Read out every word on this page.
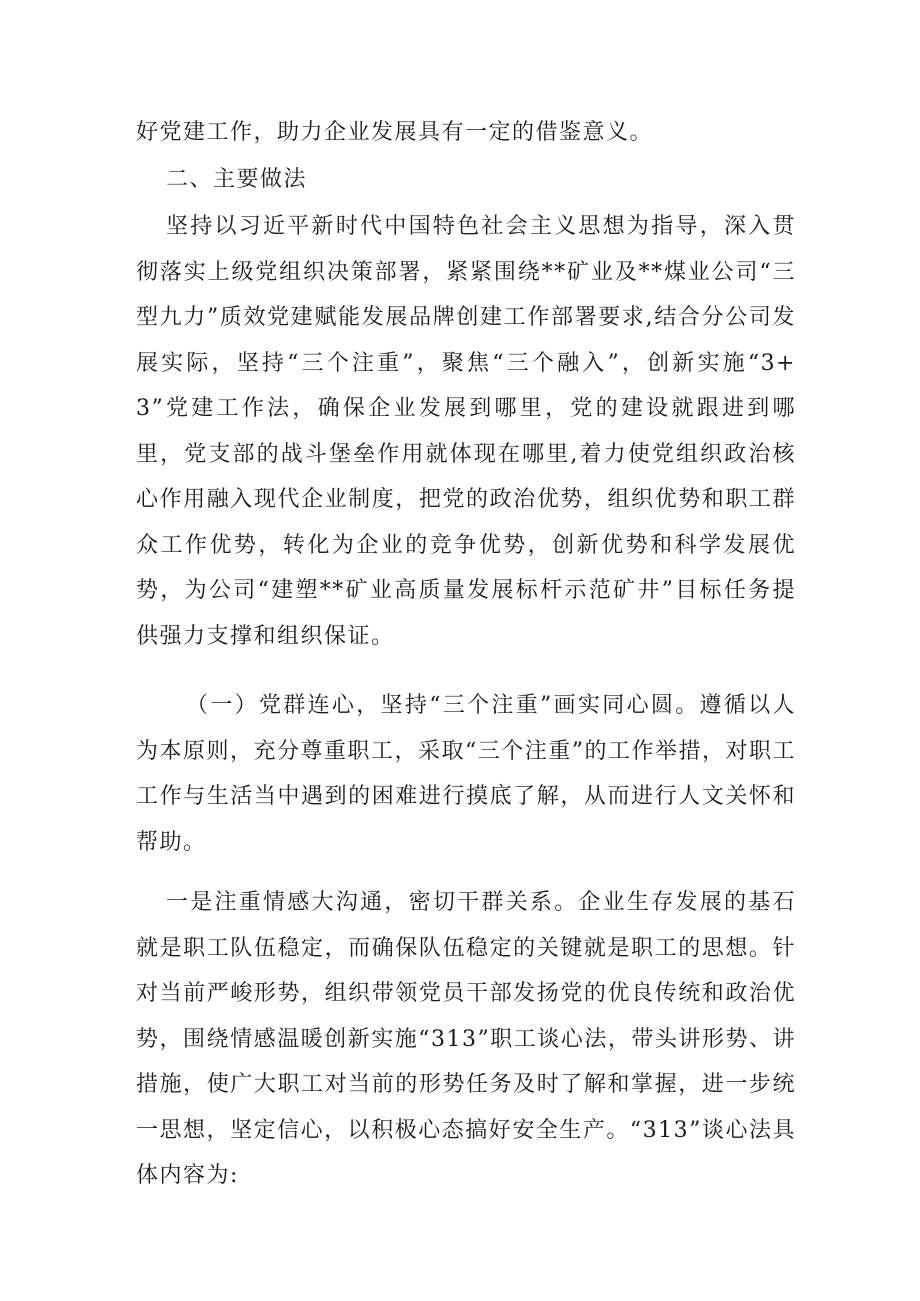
好党建工作，助力企业发展具有一定的借鉴意义。

二、主要做法

坚持以习近平新时代中国特色社会主义思想为指导，深入贯彻落实上级党组织决策部署，紧紧围绕**矿业及**煤业公司“三型九力”质效党建赋能发展品牌创建工作部署要求,结合分公司发展实际，坚持“三个注重”，聚焦“三个融入”，创新实施“3+3”党建工作法，确保企业发展到哪里，党的建设就跟进到哪里，党支部的战斗堡垒作用就体现在哪里,着力使党组织政治核心作用融入现代企业制度，把党的政治优势，组织优势和职工群众工作优势，转化为企业的竞争优势，创新优势和科学发展优势，为公司“建塑**矿业高质量发展标杆示范矿井”目标任务提供强力支撑和组织保证。

（一）党群连心，坚持“三个注重”画实同心圆。遵循以人为本原则，充分尊重职工，采取“三个注重”的工作举措，对职工工作与生活当中遇到的困难进行摸底了解，从而进行人文关怀和帮助。

一是注重情感大沟通，密切干群关系。企业生存发展的基石就是职工队伍稳定，而确保队伍稳定的关键就是职工的思想。针对当前严峻形势，组织带领党员干部发扬党的优良传统和政治优势，围绕情感温暖创新实施“313”职工谈心法，带头讲形势、讲措施，使广大职工对当前的形势任务及时了解和掌握，进一步统一思想，坚定信心，以积极心态搞好安全生产。“313”谈心法具体内容为:
